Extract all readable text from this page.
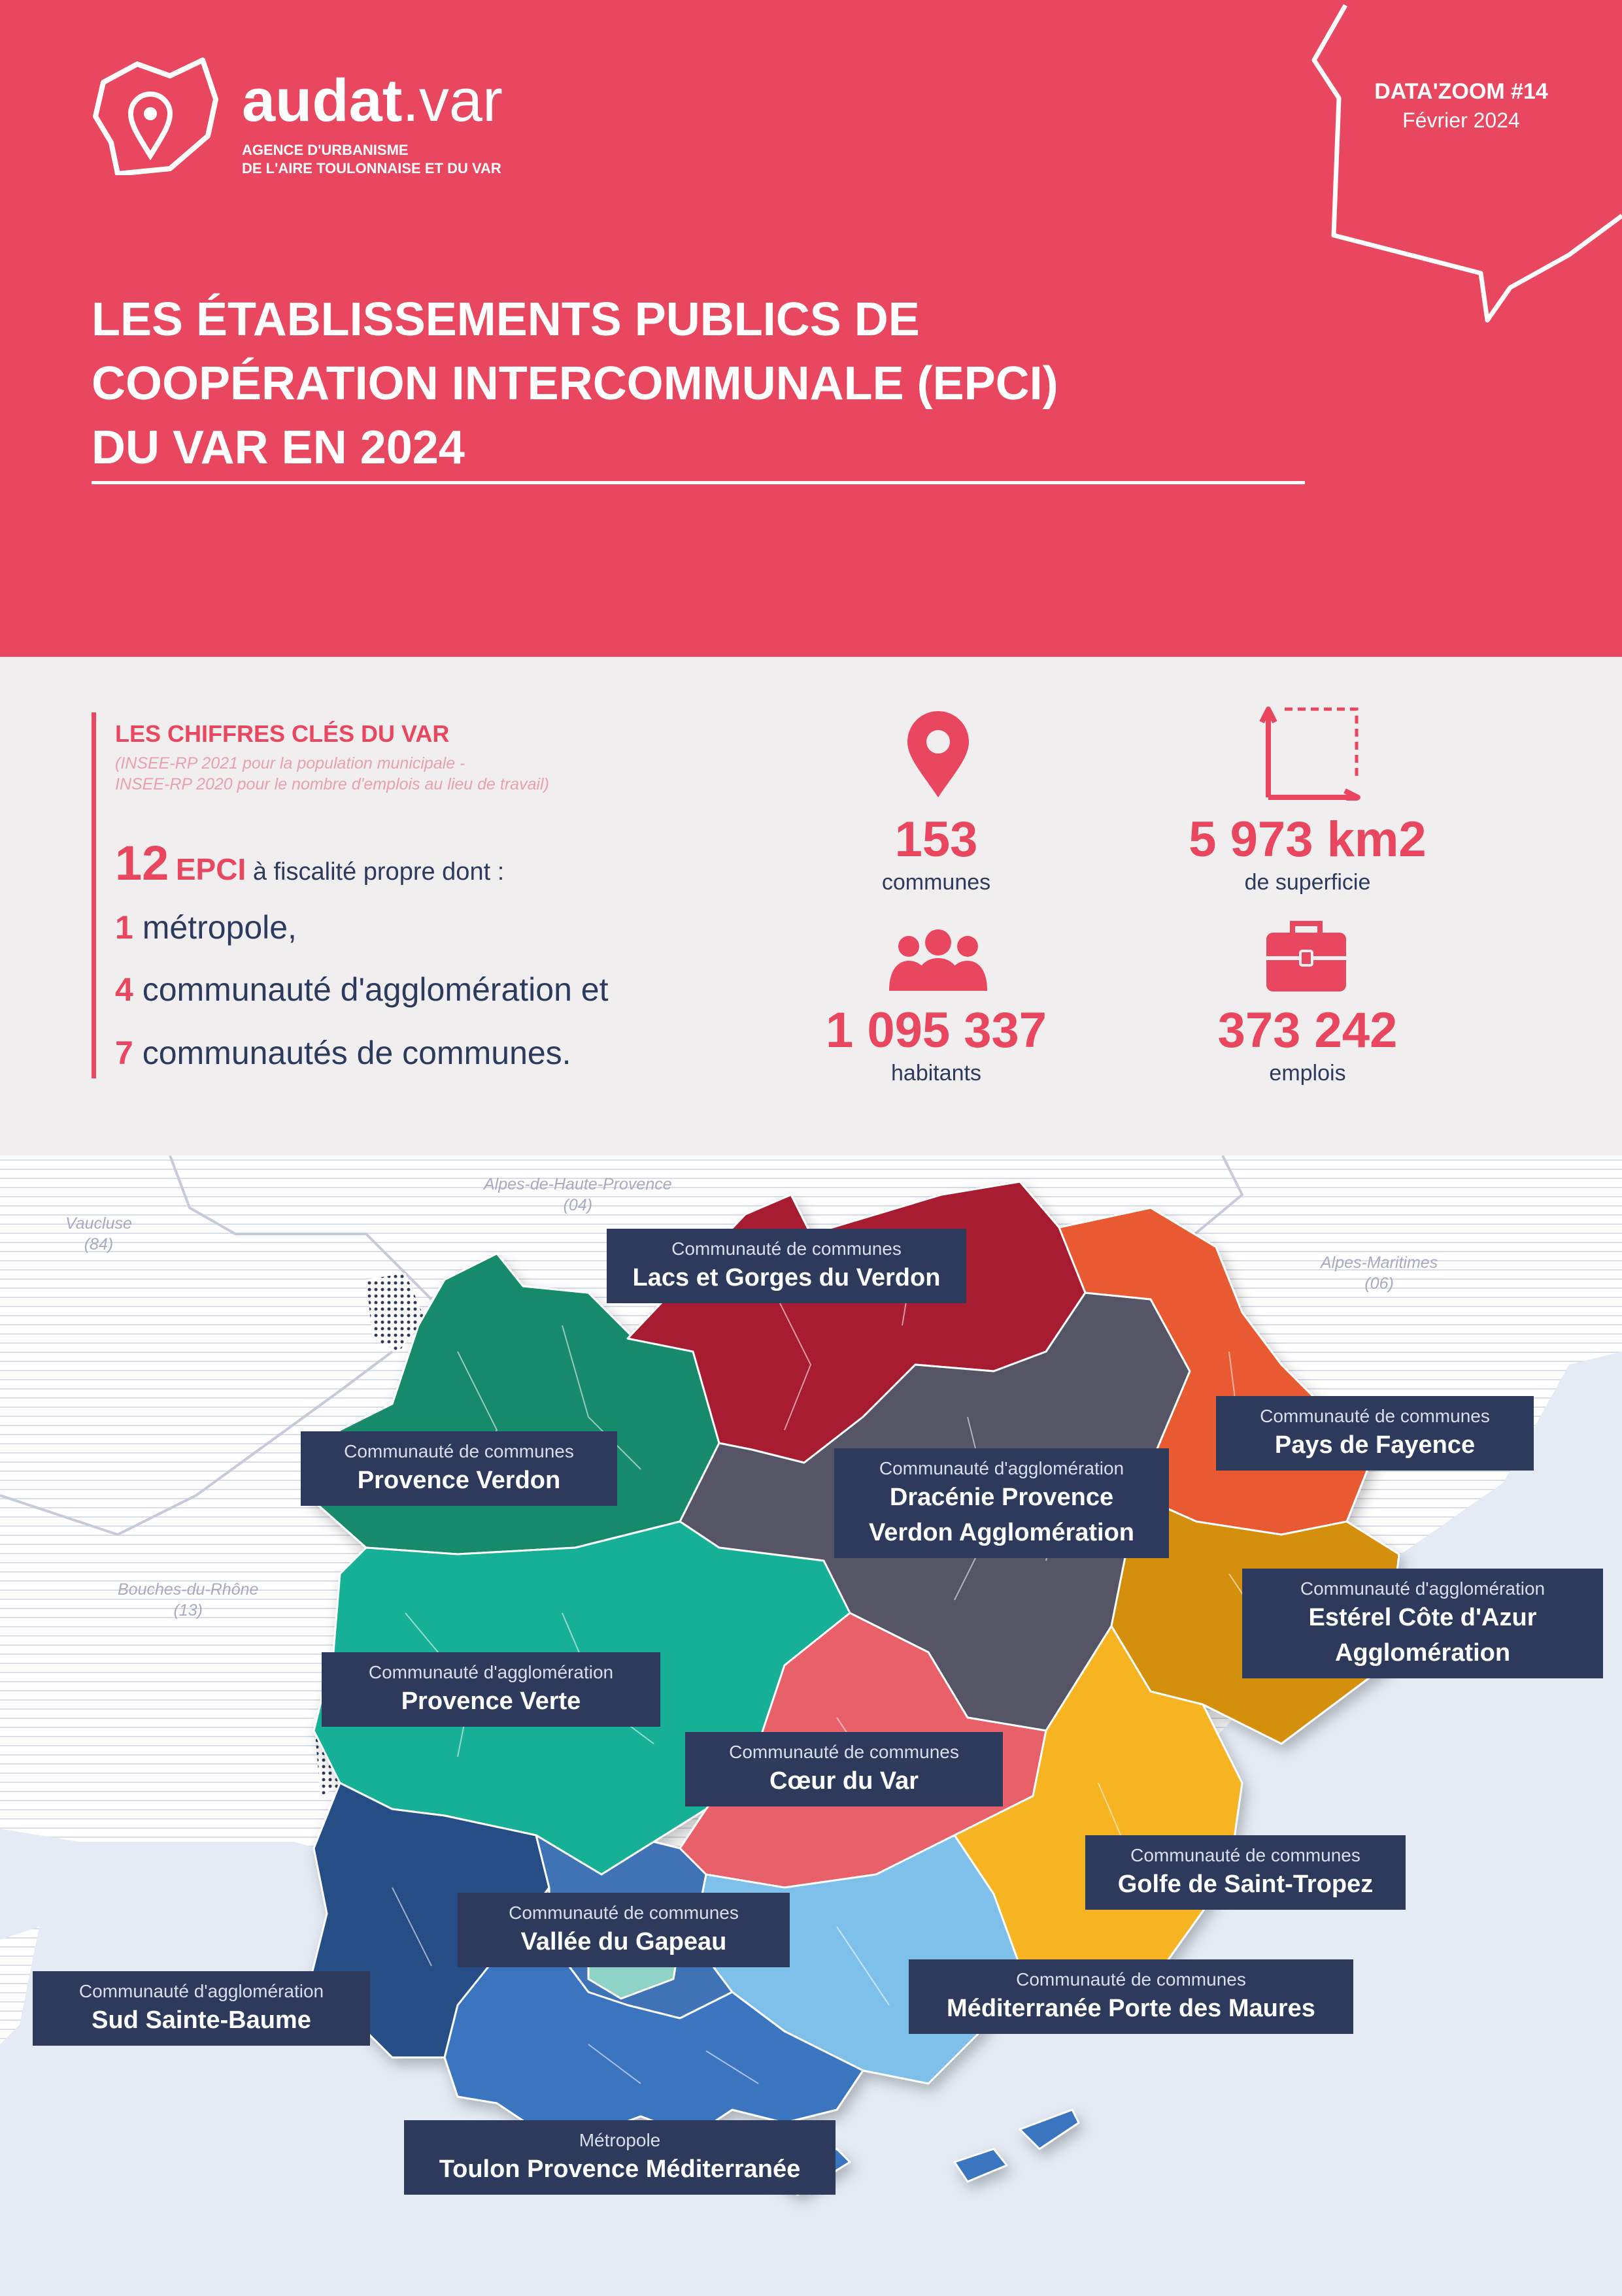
audat.var
AGENCE D'URBANISME
DE L'AIRE TOULONNAISE ET DU VAR
DATA'ZOOM #14
Février 2024
LES ÉTABLISSEMENTS PUBLICS DE
COOPÉRATION INTERCOMMUNALE (EPCI)
DU VAR EN 2024
LES CHIFFRES CLÉS DU VAR
(INSEE-RP 2021 pour la population municipale -
INSEE-RP 2020 pour le nombre d'emplois au lieu de travail)
12 EPCI à fiscalité propre dont :
1 métropole,
4 communauté d'agglomération et
7 communautés de communes.
153
communes
5 973 km2
de superficie
1 095 337
habitants
373 242
emplois
Alpes-de-Haute-Provence
(04)
Vaucluse
(84)
Alpes-Maritimes
(06)
Bouches-du-Rhône
(13)
Communauté de communes
Lacs et Gorges du Verdon
Communauté de communes
Pays de Fayence
Communauté de communes
Provence Verdon	Communauté d'agglomération
Dracénie Provence
Verdon Agglomération
Communauté d'agglomération
Estérel Côte d'Azur
Agglomération
Communauté d'agglomération
Provence Verte
Communauté de communes
Cœur du Var
Communauté de communes
Golfe de Saint-Tropez
Communauté de communes
Vallée du Gapeau
Communauté d'agglomération
Sud Sainte-Baume
Communauté de communes
Méditerranée Porte des Maures
Métropole
Toulon Provence Méditerranée
